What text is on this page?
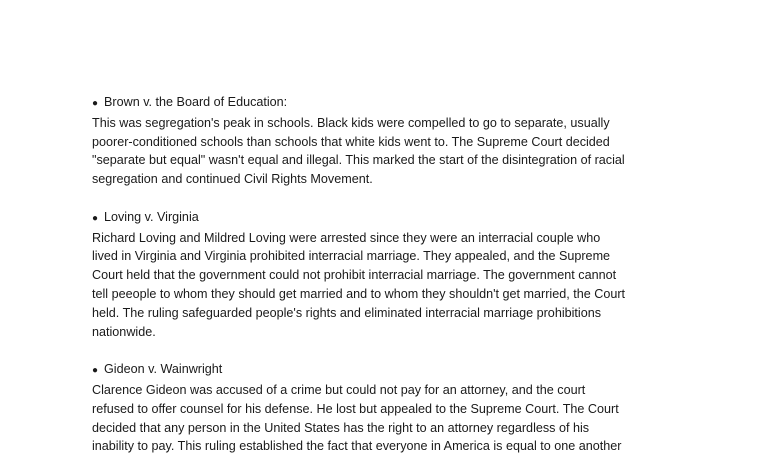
● Brown v. the Board of Education:
This was segregation's peak in schools. Black kids were compelled to go to separate, usually
poorer-conditioned schools than schools that white kids went to. The Supreme Court decided
"separate but equal" wasn't equal and illegal. This marked the start of the disintegration of racial
segregation and continued Civil Rights Movement.
● Loving v. Virginia
Richard Loving and Mildred Loving were arrested since they were an interracial couple who
lived in Virginia and Virginia prohibited interracial marriage. They appealed, and the Supreme
Court held that the government could not prohibit interracial marriage. The government cannot
tell peeople to whom they should get married and to whom they shouldn't get married, the Court
held. The ruling safeguarded people's rights and eliminated interracial marriage prohibitions
nationwide.
● Gideon v. Wainwright
Clarence Gideon was accused of a crime but could not pay for an attorney, and the court
refused to offer counsel for his defense. He lost but appealed to the Supreme Court. The Court
decided that any person in the United States has the right to an attorney regardless of his
inability to pay. This ruling established the fact that everyone in America is equal to one another
